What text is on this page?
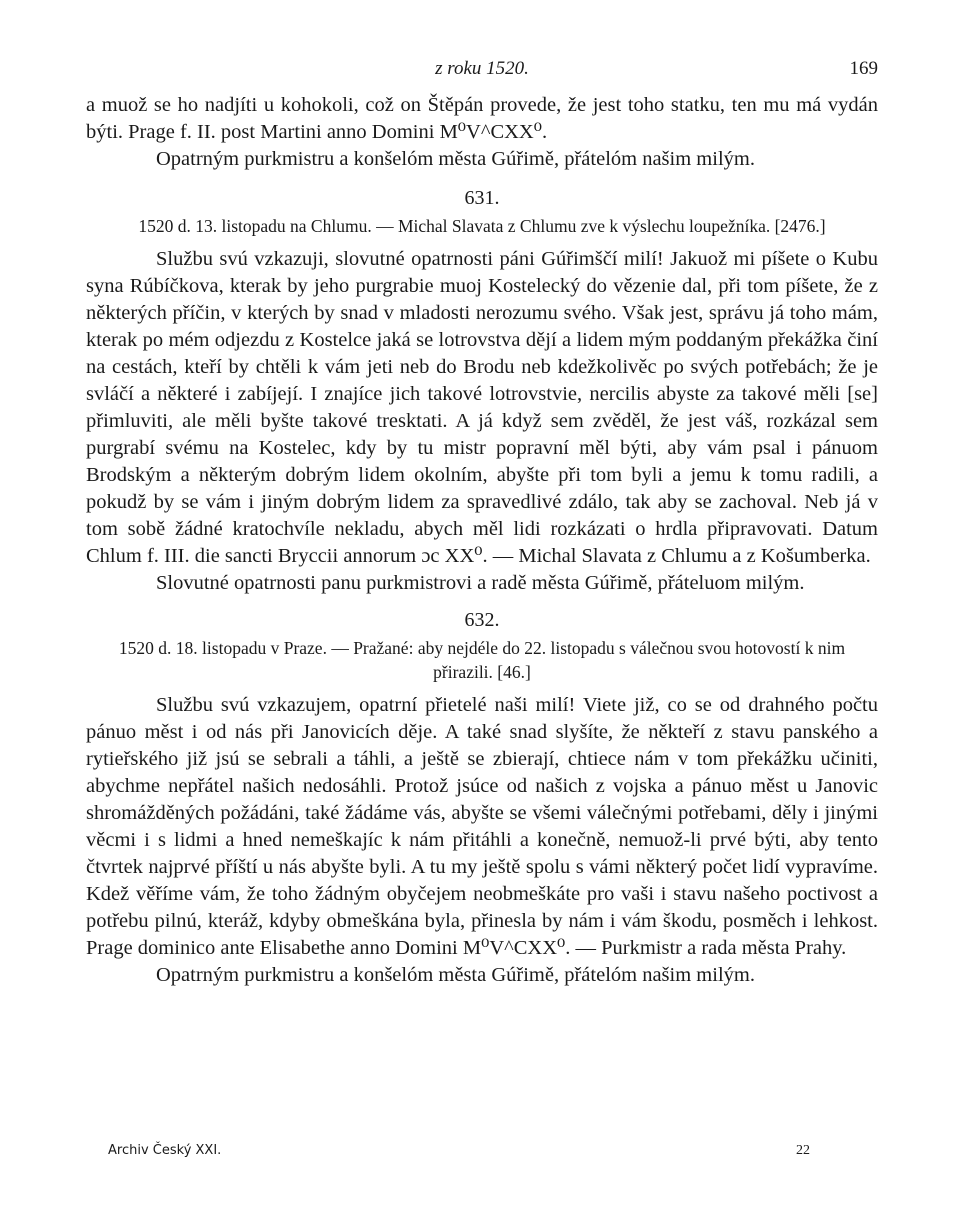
z roku 1520.	169

a muož se ho nadjíti u kohokoli, což on Štěpán provede, že jest toho statku, ten mu má vydán býti. Prage f. II. post Martini anno Domini M⁰V^CXX⁰.

Opatrným purkmistru a konšelóm města Gúřimě, přátelóm našim milým.

631.
1520 d. 13. listopadu na Chlumu. — Michal Slavata z Chlumu zve k výslechu loupežníka. [2476.]

Službu svú vzkazuji, slovutné opatrnosti páni Gúřimščí milí! Jakuož mi píšete o Kubu syna Rúbíčkova, kterak by jeho purgrabie muoj Kostelecký do vězenie dal, při tom píšete, že z některých příčin, v kterých by snad v mladosti nerozumu svého. Však jest, správu já toho mám, kterak po mém odjezdu z Kostelce jaká se lotrovstva dějí a lidem mým poddaným překážka činí na cestách, kteří by chtěli k vám jeti neb do Brodu neb kdežkolivěc po svých potřebách; že je svláčí a některé i zabíjejí. I znajíce jich takové lotrovstvie, nercilis abyste za takové měli [se] přimluviti, ale měli byšte takové tresktati. A já když sem zvěděl, že jest váš, rozkázal sem purgrabí svému na Kostelec, kdy by tu mistr popravní měl býti, aby vám psal i pánuom Brodským a některým dobrým lidem okolním, abyšte při tom byli a jemu k tomu radili, a pokudž by se vám i jiným dobrým lidem za spravedlivé zdálo, tak aby se zachoval. Neb já v tom sobě žádné kratochvíle nekladu, abych měl lidi rozkázati o hrdla připravovati. Datum Chlum f. III. die sancti Bryccii annorum ɔc XX⁰. — Michal Slavata z Chlumu a z Košumberka.

Slovutné opatrnosti panu purkmistrovi a radě města Gúřimě, přáteluom milým.

632.
1520 d. 18. listopadu v Praze. — Pražané: aby nejdéle do 22. listopadu s válečnou svou hotovostí k nim přirazili. [46.]

Službu svú vzkazujem, opatrní přietelé naši milí! Viete již, co se od drahného počtu pánuo měst i od nás při Janovicích děje. A také snad slyšíte, že někteří z stavu panského a rytieřského již jsú se sebrali a táhli, a ještě se zbierají, chtiece nám v tom překážku učiniti, abychme nepřátel našich nedosáhli. Protož jsúce od našich z vojska a pánuo měst u Janovic shromážděných požádáni, také žádáme vás, abyšte se všemi válečnými potřebami, děly i jinými věcmi i s lidmi a hned nemeškajíc k nám přitáhli a konečně, nemuož-li prvé býti, aby tento čtvrtek najprvé příští u nás abyšte byli. A tu my ještě spolu s vámi některý počet lidí vypravíme. Kdež věříme vám, že toho žádným obyčejem neobmeškáte pro vaši i stavu našeho poctivost a potřebu pilnú, kteráž, kdyby obmeškána byla, přinesla by nám i vám škodu, posměch i lehkost. Prage dominico ante Elisabethe anno Domini M⁰V^CXX⁰. — Purkmistr a rada města Prahy.

Opatrným purkmistru a konšelóm města Gúřimě, přátelóm našim milým.

Archiv Český XXI.	22
